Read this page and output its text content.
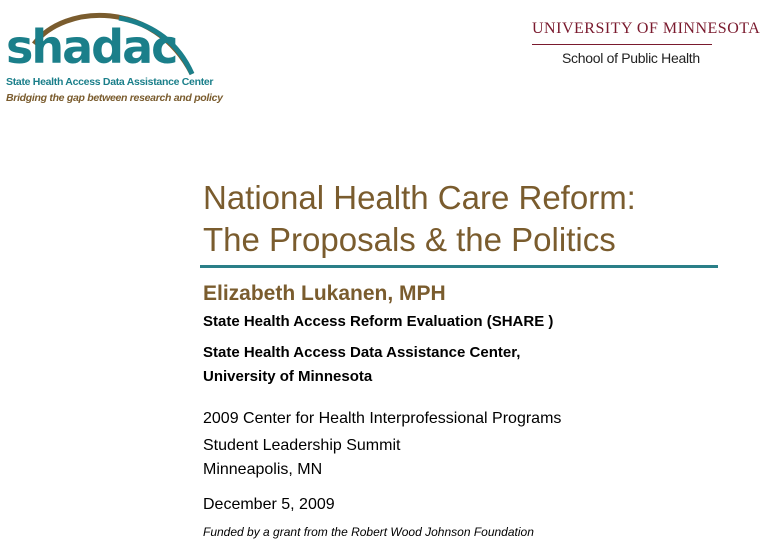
shadac
State Health Access Data Assistance Center
Bridging the gap between research and policy
UNIVERSITY OF MINNESOTA
School of Public Health
National Health Care Reform:
The Proposals & the Politics
Elizabeth Lukanen, MPH
State Health Access Reform Evaluation (SHARE )
State Health Access Data Assistance Center,
University of Minnesota
2009 Center for Health Interprofessional Programs
Student Leadership Summit
Minneapolis, MN
December 5, 2009
Funded by a grant from the Robert Wood Johnson Foundation
